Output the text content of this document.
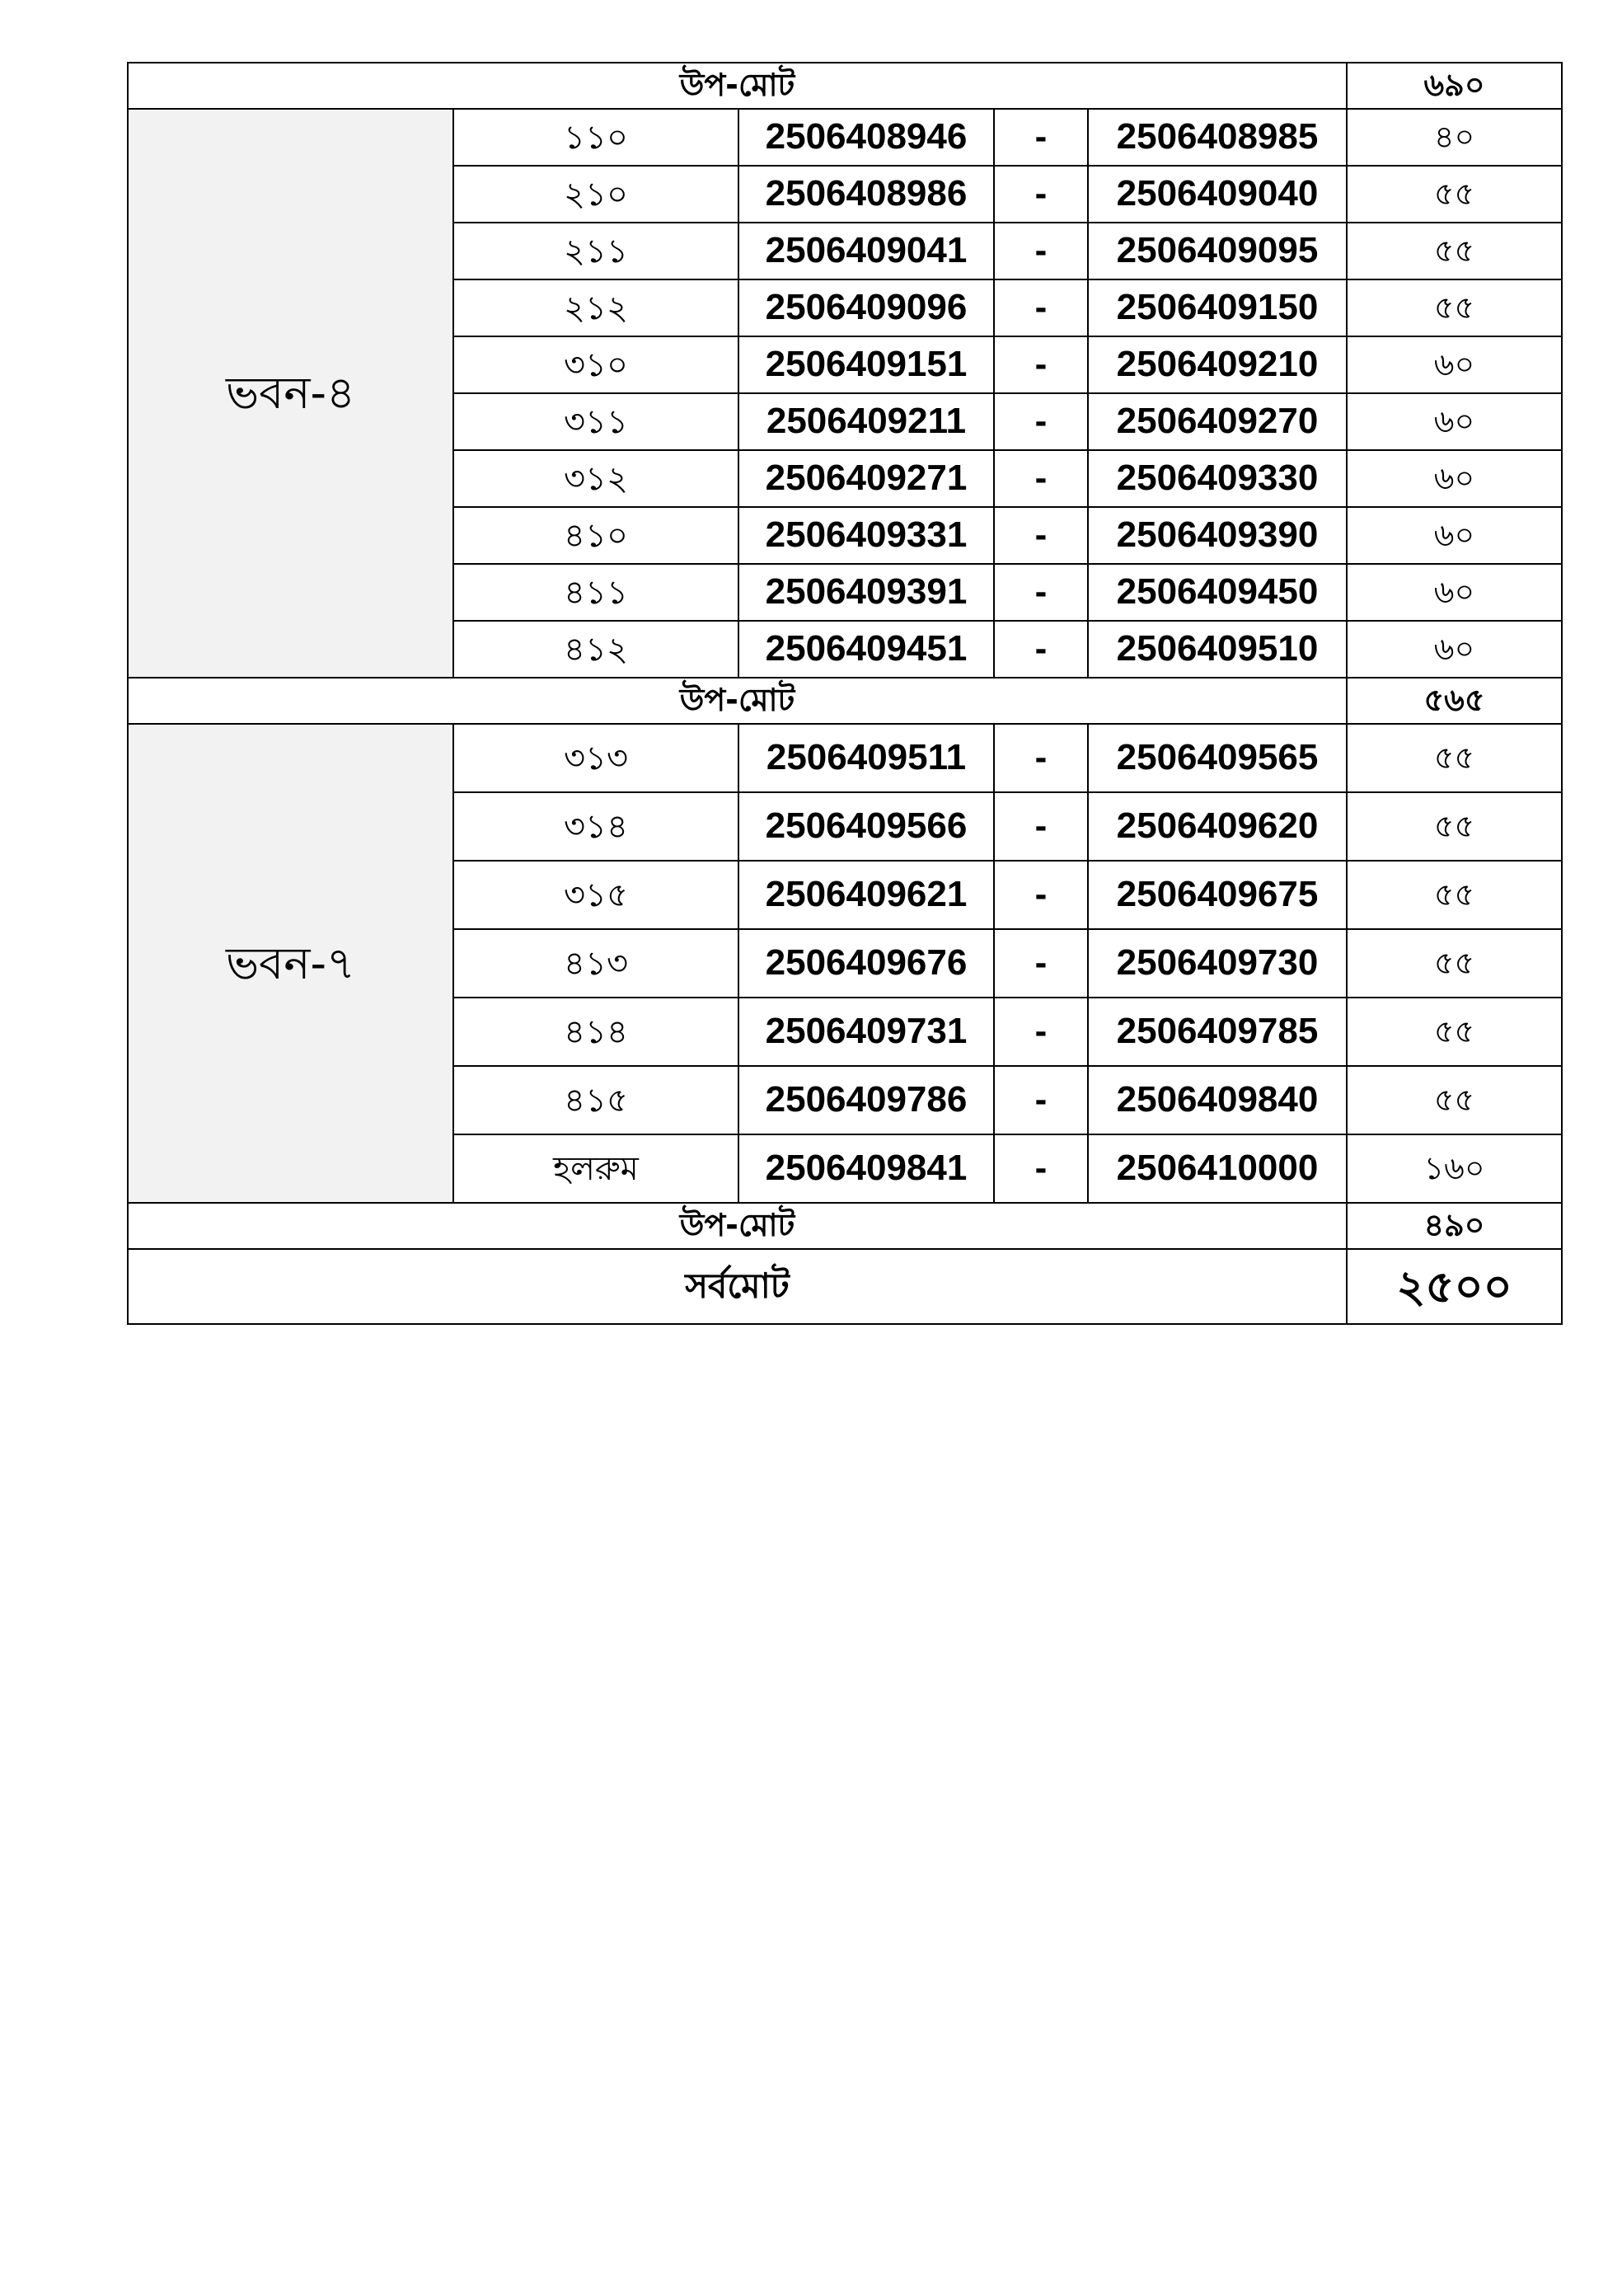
উপ-মোট					৬৯০
ভবন-৪	১১০	2506408946	-	2506408985	৪০
	২১০	2506408986	-	2506409040	৫৫
	২১১	2506409041	-	2506409095	৫৫
	২১২	2506409096	-	2506409150	৫৫
	৩১০	2506409151	-	2506409210	৬০
	৩১১	2506409211	-	2506409270	৬০
	৩১২	2506409271	-	2506409330	৬০
	৪১০	2506409331	-	2506409390	৬০
	৪১১	2506409391	-	2506409450	৬০
	৪১২	2506409451	-	2506409510	৬০
উপ-মোট					৫৬৫
ভবন-৭	৩১৩	2506409511	-	2506409565	৫৫
	৩১৪	2506409566	-	2506409620	৫৫
	৩১৫	2506409621	-	2506409675	৫৫
	৪১৩	2506409676	-	2506409730	৫৫
	৪১৪	2506409731	-	2506409785	৫৫
	৪১৫	2506409786	-	2506409840	৫৫
	হলরুম	2506409841	-	2506410000	১৬০
উপ-মোট					৪৯০
সর্বমোট					২৫০০
